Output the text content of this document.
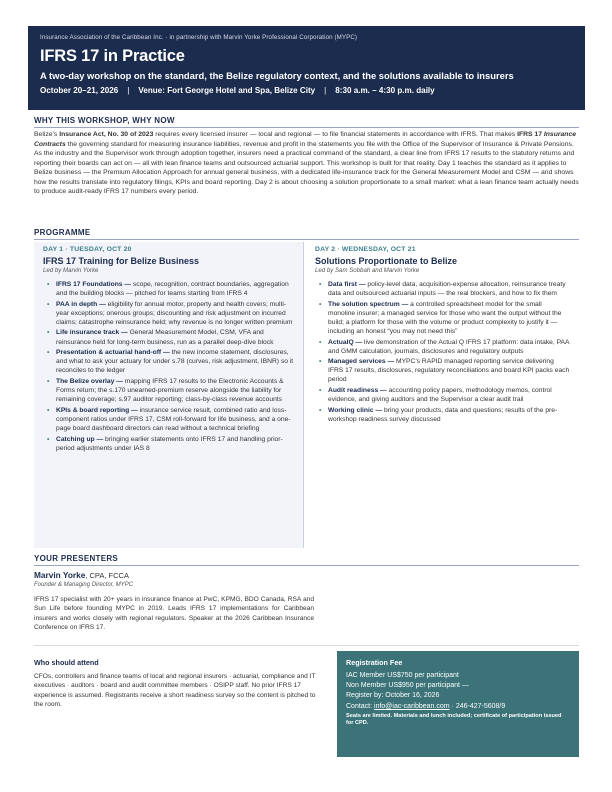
Insurance Association of the Caribbean Inc. · in partnership with Marvin Yorke Professional Corporation (MYPC)
IFRS 17 in Practice
A two-day workshop on the standard, the Belize regulatory context, and the solutions available to insurers
October 20–21, 2026 | Venue: Fort George Hotel and Spa, Belize City | 8:30 a.m. – 4:30 p.m. daily
WHY THIS WORKSHOP, WHY NOW
Belize’s Insurance Act, No. 30 of 2023 requires every licensed insurer — local and regional — to file financial statements in accordance with IFRS. That makes IFRS 17 Insurance Contracts the governing standard for measuring insurance liabilities, revenue and profit in the statements you file with the Office of the Supervisor of Insurance & Private Pensions. As the industry and the Supervisor work through adoption together, insurers need a practical command of the standard, a clear line from IFRS 17 results to the statutory returns and reporting their boards can act on — all with lean finance teams and outsourced actuarial support. This workshop is built for that reality. Day 1 teaches the standard as it applies to Belize business — the Premium Allocation Approach for annual general business, with a dedicated life-insurance track for the General Measurement Model and CSM — and shows how the results translate into regulatory filings, KPIs and board reporting. Day 2 is about choosing a solution proportionate to a small market: what a lean finance team actually needs to produce audit-ready IFRS 17 numbers every period.
PROGRAMME
DAY 1 · TUESDAY, OCT 20
IFRS 17 Training for Belize Business
Led by Marvin Yorke
• IFRS 17 Foundations — scope, recognition, contract boundaries, aggregation and the building blocks — pitched for teams starting from IFRS 4
• PAA in depth — eligibility for annual motor, property and health covers; multi-year exceptions; onerous groups; discounting and risk adjustment on incurred claims; catastrophe reinsurance held; why revenue is no longer written premium
• Life insurance track — General Measurement Model, CSM, VFA and reinsurance held for long-term business, run as a parallel deep-dive block
• Presentation & actuarial hand-off — the new income statement, disclosures, and what to ask your actuary for under s.78 (curves, risk adjustment, IBNR) so it reconciles to the ledger
• The Belize overlay — mapping IFRS 17 results to the Electronic Accounts & Forms return; the s.170 unearned-premium reserve alongside the liability for remaining coverage; s.97 auditor reporting; class-by-class revenue accounts
• KPIs & board reporting — insurance service result, combined ratio and loss-component ratios under IFRS 17, CSM roll-forward for life business, and a one-page board dashboard directors can read without a technical briefing
• Catching up — bringing earlier statements onto IFRS 17 and handling prior-period adjustments under IAS 8
DAY 2 · WEDNESDAY, OCT 21
Solutions Proportionate to Belize
Led by Sam Sobbah and Marvin Yorke
• Data first — policy-level data, acquisition-expense allocation, reinsurance treaty data and outsourced actuarial inputs — the real blockers, and how to fix them
• The solution spectrum — a controlled spreadsheet model for the small monoline insurer; a managed service for those who want the output without the build; a platform for those with the volume or product complexity to justify it — including an honest “you may not need this”
• ActualQ — live demonstration of the Actual Q IFRS 17 platform: data intake, PAA and GMM calculation, journals, disclosures and regulatory outputs
• Managed services — MYPC’s RAPID managed reporting service delivering IFRS 17 results, disclosures, regulatory reconciliations and board KPI packs each period
• Audit readiness — accounting policy papers, methodology memos, control evidence, and giving auditors and the Supervisor a clear audit trail
• Working clinic — bring your products, data and questions; results of the pre-workshop readiness survey discussed
YOUR PRESENTERS
Marvin Yorke, CPA, FCCA
Founder & Managing Director, MYPC
IFRS 17 specialist with 20+ years in insurance finance at PwC, KPMG, BDO Canada, RSA and Sun Life before founding MYPC in 2019. Leads IFRS 17 implementations for Caribbean insurers and works closely with regional regulators. Speaker at the 2026 Caribbean Insurance Conference on IFRS 17.
Who should attend
CFOs, controllers and finance teams of local and regional insurers · actuarial, compliance and IT executives · auditors · board and audit committee members · OSIPP staff. No prior IFRS 17 experience is assumed. Registrants receive a short readiness survey so the content is pitched to the room.
Registration Fee
IAC Member US$750 per participant
Non Member US$950 per participant —
Register by: October 16, 2026
Contact: info@iac-caribbean.com · 246-427-5608/9
Seats are limited. Materials and lunch included; certificate of participation issued for CPD.
